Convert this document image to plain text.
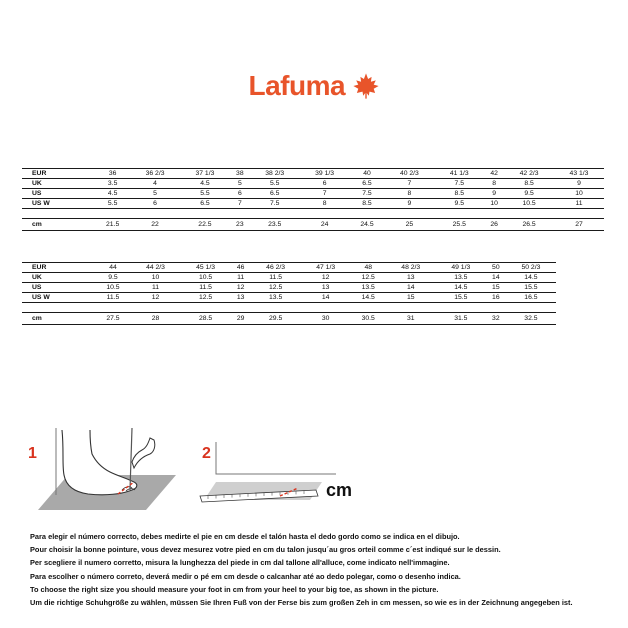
Lafuma
EUR	36	36 2/3	37 1/3	38	38 2/3	39 1/3	40	40 2/3	41 1/3	42	42 2/3	43 1/3
UK	3.5	4	4.5	5	5.5	6	6.5	7	7.5	8	8.5	9
US	4.5	5	5.5	6	6.5	7	7.5	8	8.5	9	9.5	10
US W	5.5	6	6.5	7	7.5	8	8.5	9	9.5	10	10.5	11

cm	21.5	22	22.5	23	23.5	24	24.5	25	25.5	26	26.5	27
EUR	44	44 2/3	45 1/3	46	46 2/3	47 1/3	48	48 2/3	49 1/3	50	50 2/3
UK	9.5	10	10.5	11	11.5	12	12.5	13	13.5	14	14.5
US	10.5	11	11.5	12	12.5	13	13.5	14	14.5	15	15.5
US W	11.5	12	12.5	13	13.5	14	14.5	15	15.5	16	16.5

cm	27.5	28	28.5	29	29.5	30	30.5	31	31.5	32	32.5
1	2
cm

Para elegir el número correcto, debes medirte el pie en cm desde el talón hasta el dedo gordo como se indica en el dibujo.

Pour choisir la bonne pointure, vous devez mesurez votre pied en cm du talon jusqu´au gros orteil comme c´est indiqué sur le dessin.

Per scegliere il numero corretto, misura la lunghezza del piede in cm dal tallone all'alluce, come indicato nell'immagine.

Para escolher o número correto, deverá medir o pé em cm desde o calcanhar até ao dedo polegar, como o desenho indica.

To choose the right size you should measure your foot in cm from your heel to your big toe, as shown in the picture.

Um die richtige Schuhgröße zu wählen, müssen Sie Ihren Fuß von der Ferse bis zum großen Zeh in cm messen, so wie es in der Zeichnung angegeben ist.
